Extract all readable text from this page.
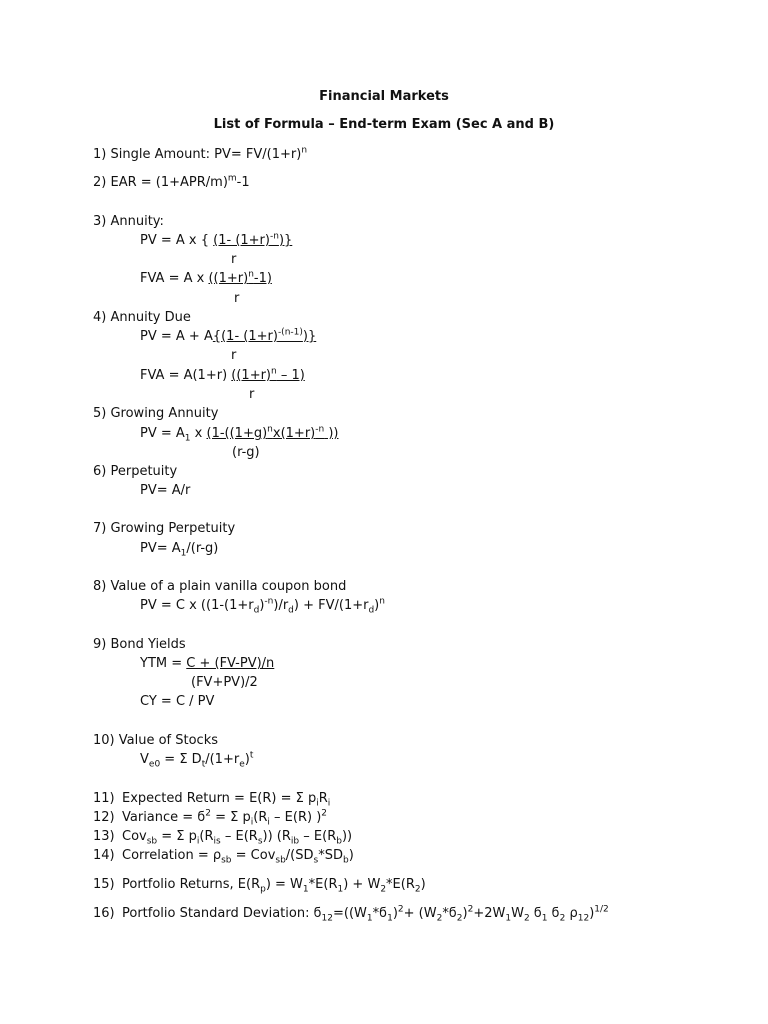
Financial Markets
List of Formula – End-term Exam (Sec A and B)
1) Single Amount: $PV= FV/(1+r)^n$
2) EAR = $(1+APR/m)^m-1$
3) Annuity:
PV = A x { (1- $(1+r)^{-n}$)}
r
FVA = A x $((1+r)^n-1)$
r
4) Annuity Due
PV = A + A{(1- $(1+r)^{-(n-1)}$)}
r
FVA = A(1+r) $((1+r)^n - 1)$
r
5) Growing Annuity
PV = $A_1$ x ($1-((1+g)^nx(1+r)^{-n}$ ))
(r-g)
6) Perpetuity
PV= A/r
7) Growing Perpetuity
$PV= A_1/(r-g)$
8) Value of a plain vanilla coupon bond
PV = C x $((1-(1+r_d)^{-n})/r_d) + FV/(1+r_d)^n$
9) Bond Yields
YTM = C + (FV-PV)/n
(FV+PV)/2
CY = C / PV
10) Value of Stocks
$V_{e0} = \Sigma$ $D_t/(1+r_e)^t$
11) Expected Return = E(R) = Σ $p_iR_i$
12) Variance = $ϭ^2 = \Sigma$ $p_i(R_i - E(R)$ )$^2$
13) Cov$_{sb}$ = Σ $p_i(R_{is} - E(R_s))$ $(R_{ib} - E(R_b))$
14) Correlation = $\rho_{sb} = Cov_{sb}/(SD_s*SD_b)$
15) Portfolio Returns, $E(R_p) = W_1*E(R_1) + W_2*E(R_2)$
16) Portfolio Standard Deviation: $ϭ_{12}=((W_1*ϭ_1)^2+ (W_2*ϭ_2)^2+2W_1W_2$ $ϭ_1$ $ϭ_2$ $\rho_{12})^{1/2}$
